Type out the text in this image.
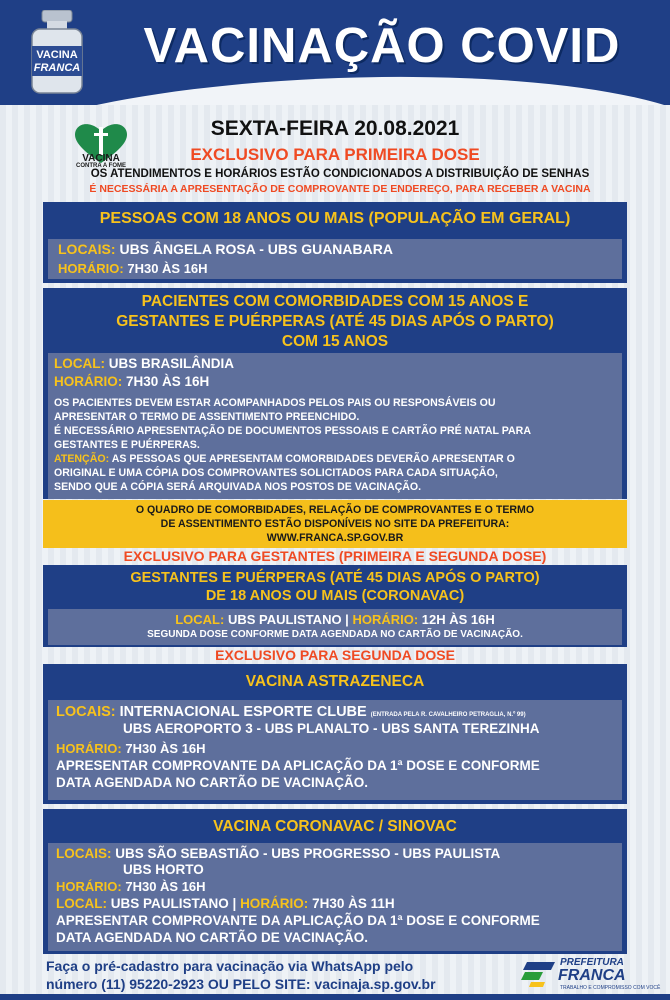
VACINA
FRANCA	VACINAÇÃO COVID
VACINA
CONTRA A FOME
SEXTA-FEIRA 20.08.2021
EXCLUSIVO PARA PRIMEIRA DOSE
OS ATENDIMENTOS E HORÁRIOS ESTÃO CONDICIONADOS A DISTRIBUIÇÃO DE SENHAS
É NECESSÁRIA A APRESENTAÇÃO DE COMPROVANTE DE ENDEREÇO, PARA RECEBER A VACINA
PESSOAS COM 18 ANOS OU MAIS (POPULAÇÃO EM GERAL)
LOCAIS: UBS ÂNGELA ROSA - UBS GUANABARA
HORÁRIO: 7H30 ÀS 16H
PACIENTES COM COMORBIDADES COM 15 ANOS E
GESTANTES E PUÉRPERAS (ATÉ 45 DIAS APÓS O PARTO)
COM 15 ANOS
LOCAL: UBS BRASILÂNDIA
HORÁRIO: 7H30 ÀS 16H
OS PACIENTES DEVEM ESTAR ACOMPANHADOS PELOS PAIS OU RESPONSÁVEIS OU
APRESENTAR O TERMO DE ASSENTIMENTO PREENCHIDO.
É NECESSÁRIO APRESENTAÇÃO DE DOCUMENTOS PESSOAIS E CARTÃO PRÉ NATAL PARA
GESTANTES E PUÉRPERAS.
ATENÇÃO: AS PESSOAS QUE APRESENTAM COMORBIDADES DEVERÃO APRESENTAR O
ORIGINAL E UMA CÓPIA DOS COMPROVANTES SOLICITADOS PARA CADA SITUAÇÃO,
SENDO QUE A CÓPIA SERÁ ARQUIVADA NOS POSTOS DE VACINAÇÃO.
O QUADRO DE COMORBIDADES, RELAÇÃO DE COMPROVANTES E O TERMO
DE ASSENTIMENTO ESTÃO DISPONÍVEIS NO SITE DA PREFEITURA:
WWW.FRANCA.SP.GOV.BR
EXCLUSIVO PARA GESTANTES (PRIMEIRA E SEGUNDA DOSE)
GESTANTES E PUÉRPERAS (ATÉ 45 DIAS APÓS O PARTO)
DE 18 ANOS OU MAIS (CORONAVAC)
LOCAL: UBS PAULISTANO | HORÁRIO: 12H ÀS 16H
SEGUNDA DOSE CONFORME DATA AGENDADA NO CARTÃO DE VACINAÇÃO.
EXCLUSIVO PARA SEGUNDA DOSE
VACINA ASTRAZENECA
LOCAIS: INTERNACIONAL ESPORTE CLUBE (ENTRADA PELA R. CAVALHEIRO PETRAGLIA, N.º 99)
UBS AEROPORTO 3 - UBS PLANALTO - UBS SANTA TEREZINHA
HORÁRIO: 7H30 ÀS 16H
APRESENTAR COMPROVANTE DA APLICAÇÃO DA 1ª DOSE E CONFORME
DATA AGENDADA NO CARTÃO DE VACINAÇÃO.
VACINA CORONAVAC / SINOVAC
LOCAIS: UBS SÃO SEBASTIÃO - UBS PROGRESSO - UBS PAULISTA
UBS HORTO
HORÁRIO: 7H30 ÀS 16H
LOCAL: UBS PAULISTANO | HORÁRIO: 7H30 ÀS 11H
APRESENTAR COMPROVANTE DA APLICAÇÃO DA 1ª DOSE E CONFORME
DATA AGENDADA NO CARTÃO DE VACINAÇÃO.
Faça o pré-cadastro para vacinação via WhatsApp pelo
número (11) 95220-2923 OU PELO SITE: vacinaja.sp.gov.br
PREFEITURA
FRANCA
TRABALHO E COMPROMISSO COM VOCÊ
